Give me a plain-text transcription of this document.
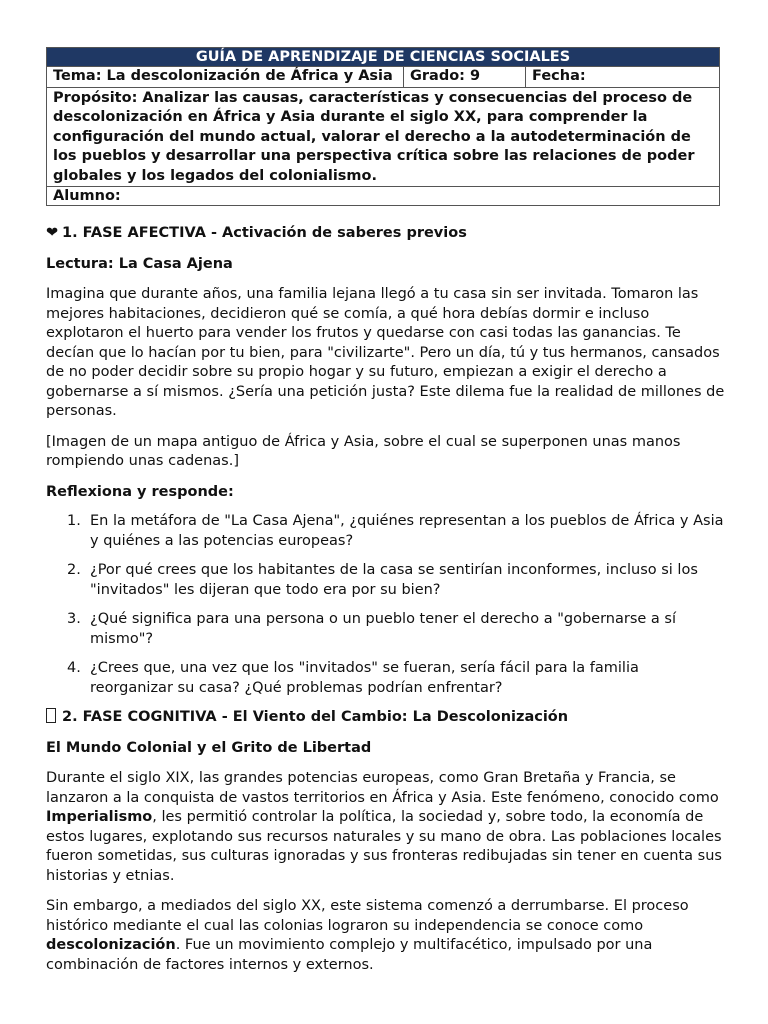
GUÍA DE APRENDIZAJE DE CIENCIAS SOCIALES
Tema: La descolonización de África y Asia	Grado: 9	Fecha:
Propósito: Analizar las causas, características y consecuencias del proceso de descolonización en África y Asia durante el siglo XX, para comprender la configuración del mundo actual, valorar el derecho a la autodeterminación de los pueblos y desarrollar una perspectiva crítica sobre las relaciones de poder globales y los legados del colonialismo.
Alumno:

❤ 1. FASE AFECTIVA - Activación de saberes previos

Lectura: La Casa Ajena

Imagina que durante años, una familia lejana llegó a tu casa sin ser invitada. Tomaron las mejores habitaciones, decidieron qué se comía, a qué hora debías dormir e incluso explotaron el huerto para vender los frutos y quedarse con casi todas las ganancias. Te decían que lo hacían por tu bien, para "civilizarte". Pero un día, tú y tus hermanos, cansados de no poder decidir sobre su propio hogar y su futuro, empiezan a exigir el derecho a gobernarse a sí mismos. ¿Sería una petición justa? Este dilema fue la realidad de millones de personas.

[Imagen de un mapa antiguo de África y Asia, sobre el cual se superponen unas manos rompiendo unas cadenas.]

Reflexiona y responde:

1. En la metáfora de "La Casa Ajena", ¿quiénes representan a los pueblos de África y Asia y quiénes a las potencias europeas?
2. ¿Por qué crees que los habitantes de la casa se sentirían inconformes, incluso si los "invitados" les dijeran que todo era por su bien?
3. ¿Qué significa para una persona o un pueblo tener el derecho a "gobernarse a sí mismo"?
4. ¿Crees que, una vez que los "invitados" se fueran, sería fácil para la familia reorganizar su casa? ¿Qué problemas podrían enfrentar?

2. FASE COGNITIVA - El Viento del Cambio: La Descolonización

El Mundo Colonial y el Grito de Libertad

Durante el siglo XIX, las grandes potencias europeas, como Gran Bretaña y Francia, se lanzaron a la conquista de vastos territorios en África y Asia. Este fenómeno, conocido como Imperialismo, les permitió controlar la política, la sociedad y, sobre todo, la economía de estos lugares, explotando sus recursos naturales y su mano de obra. Las poblaciones locales fueron sometidas, sus culturas ignoradas y sus fronteras redibujadas sin tener en cuenta sus historias y etnias.

Sin embargo, a mediados del siglo XX, este sistema comenzó a derrumbarse. El proceso histórico mediante el cual las colonias lograron su independencia se conoce como descolonización. Fue un movimiento complejo y multifacético, impulsado por una combinación de factores internos y externos.
